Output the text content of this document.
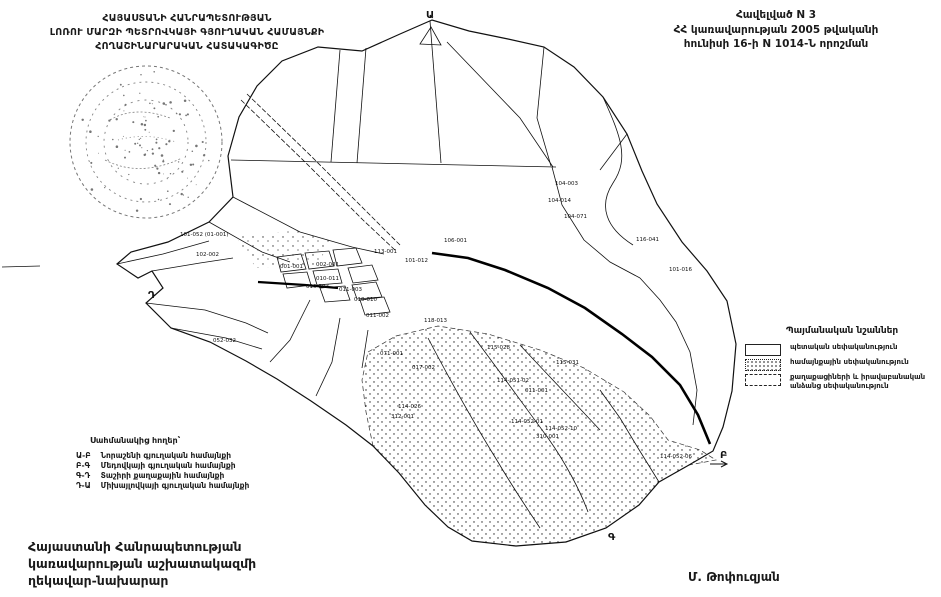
104-003
104-014
104-071
116-041
101-016
106-001
113-001
101-012
001-001 002-001
010-011
010-103 011-003
010-010
011-002
101-052 (01-001)
102-002
052-032
118-013
115-028
071-001
017-002
114-051-02
011-001
115-031
114-026
312-001
114-052-01
114-052-10
310-001
114-052-06
Ա
Բ
Գ
Դ
ՀԱՅԱՍՏԱՆԻ ՀԱՆՐԱՊԵՏՈՒԹՅԱՆ
ԼՈՌՈՒ ՄԱՐԶԻ ՊԵՏՐՈՎԿԱՅԻ ԳՅՈՒՂԱԿԱՆ ՀԱՄԱՅՆՔԻ
ՀՈՂԱՇԻՆԱՐԱՐԱԿԱՆ ՀԱՏԱԿԱԳԻԾԸ
Հավելված N 3
ՀՀ կառավարության 2005 թվականի
հունիսի 16-ի N 1014-Ն որոշման
Պայմանական նշաններ
պետական սեփականություն
համայնքային սեփականություն
քաղաքացիների և իրավաբանական անձանց սեփականություն
Սահմանակից հողեր՝
Ա-Բ Նորաշենի գյուղական համայնքի
Բ-Գ Մեդովկայի գյուղական համայնքի
Գ-Դ Տաշիրի քաղաքային համայնքի
Դ-Ա Միխայլովկայի գյուղական համայնքի
Հայաստանի Հանրապետության
կառավարության աշխատակազմի
ղեկավար-նախարար	Մ. Թոփուզյան
